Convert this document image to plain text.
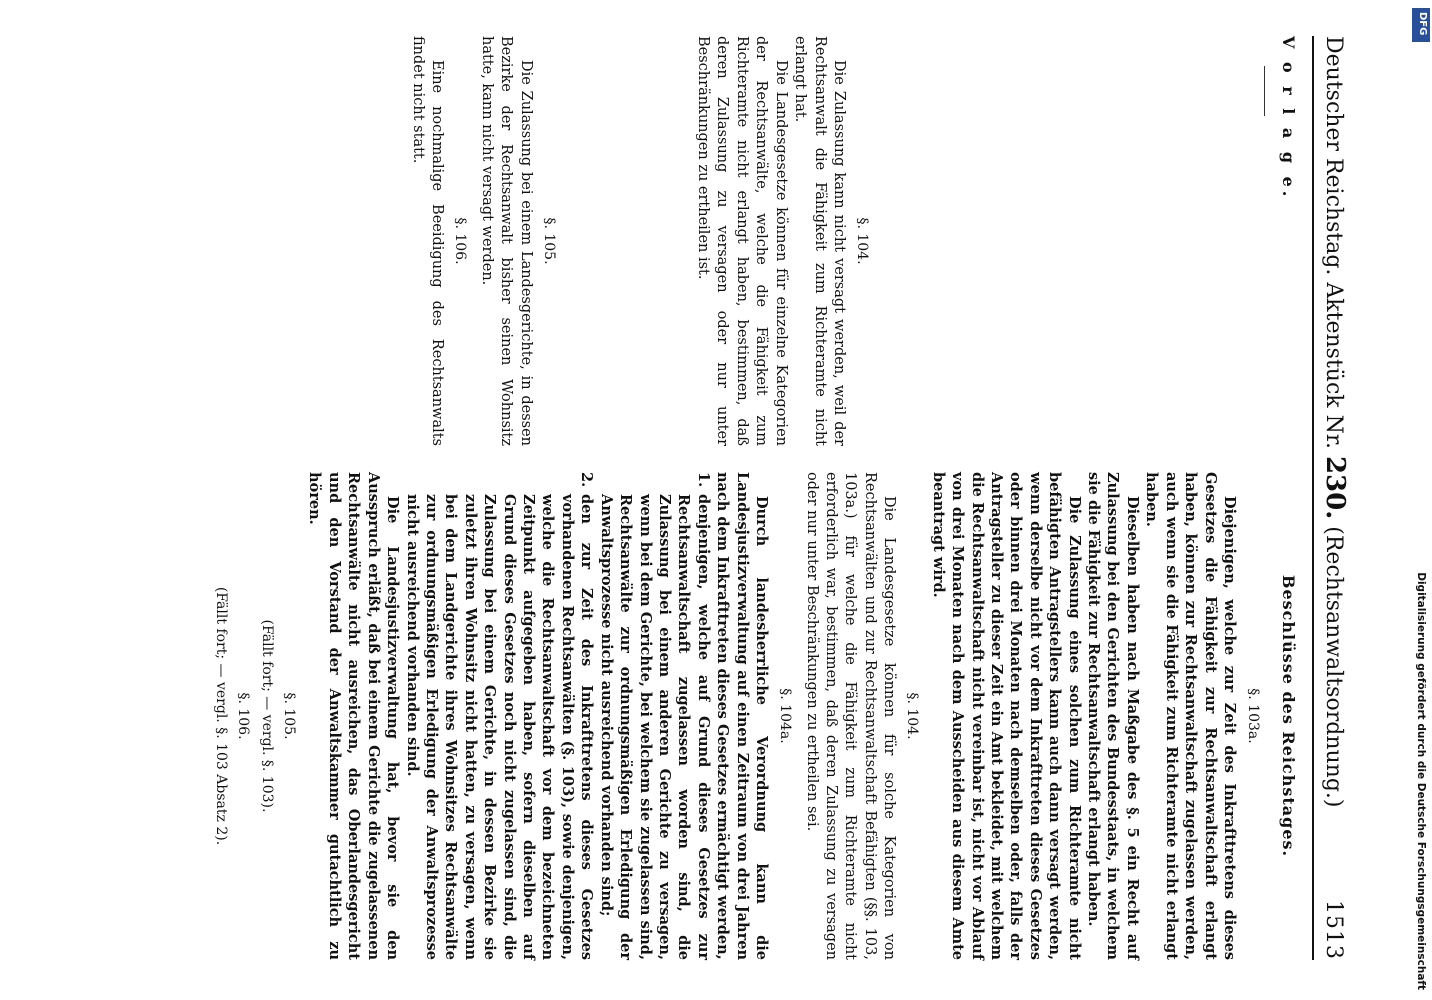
Deutscher Reichstag. Aktenstück Nr. 230. (Rechtsanwaltsordnung.)
1513
V o r l a g e.
§. 104.

Die Zulassung kann nicht versagt werden, weil der Rechtsanwalt die Fähigkeit zum Richteramte nicht erlangt hat.

Die Landesgesetze können für einzelne Kategorien der Rechtsanwälte, welche die Fähigkeit zum Richteramte nicht erlangt haben, bestimmen, daß deren Zulassung zu versagen oder nur unter Beschränkungen zu ertheilen ist.

§. 105.

Die Zulassung bei einem Landesgerichte, in dessen Bezirke der Rechtsanwalt bisher seinen Wohnsitz hatte, kann nicht versagt werden.

§. 106.

Eine nochmalige Beeidigung des Rechtsanwalts findet nicht statt.

Beschlüsse des Reichstages.
§. 103a.

Diejenigen, welche zur Zeit des Inkrafttretens dieses Gesetzes die Fähigkeit zur Rechtsanwaltschaft erlangt haben, können zur Rechtsanwaltschaft zugelassen werden, auch wenn sie die Fähigkeit zum Richteramte nicht erlangt haben.

Dieselben haben nach Maßgabe des §. 5 ein Recht auf Zulassung bei den Gerichten des Bundesstaats, in welchem sie die Fähigkeit zur Rechtsanwaltschaft erlangt haben.

Die Zulassung eines solchen zum Richteramte nicht befähigten Antragstellers kann auch dann versagt werden, wenn derselbe nicht vor dem Inkrafttreten dieses Gesetzes oder binnen drei Monaten nach demselben oder, falls der Antragsteller zu dieser Zeit ein Amt bekleidet, mit welchem die Rechtsanwaltschaft nicht vereinbar ist, nicht vor Ablauf von drei Monaten nach dem Ausscheiden aus diesem Amte beantragt wird.

§. 104.

Die Landesgesetze können für solche Kategorien von Rechtsanwälten und zur Rechtsanwaltschaft Befähigten (§§. 103, 103a.) für welche die Fähigkeit zum Richteramte nicht erforderlich war, bestimmen, daß deren Zulassung zu versagen oder nur unter Beschränkungen zu ertheilen sei.

§. 104a.

Durch landesherrliche Verordnung kann die Landesjustizverwaltung auf einen Zeitraum von drei Jahren nach dem Inkrafttreten dieses Gesetzes ermächtigt werden,

1.
denjenigen, welche auf Grund dieses Gesetzes zur Rechtsanwaltschaft zugelassen worden sind, die Zulassung bei einem anderen Gerichte zu versagen, wenn bei dem Gerichte, bei welchem sie zugelassen sind, Rechtsanwälte zur ordnungsmäßigen Erledigung der Anwaltsprozesse nicht ausreichend vorhanden sind;
2.
den zur Zeit des Inkrafttretens dieses Gesetzes vorhandenen Rechtsanwälten (§. 103), sowie denjenigen, welche die Rechtsanwaltschaft vor dem bezeichneten Zeitpunkt aufgegeben haben, sofern dieselben auf Grund dieses Gesetzes noch nicht zugelassen sind, die Zulassung bei einem Gerichte, in dessen Bezirke sie zuletzt ihren Wohnsitz nicht hatten, zu versagen, wenn bei dem Landgerichte ihres Wohnsitzes Rechtsanwälte zur ordnungsmäßigen Erledigung der Anwaltsprozesse nicht ausreichend vorhanden sind.

Die Landesjustizverwaltung hat, bevor sie den Ausspruch erläßt, daß bei einem Gerichte die zugelassenen Rechtsanwälte nicht ausreichen, das Oberlandesgericht und den Vorstand der Anwaltskammer gutachtlich zu hören.

§. 105.
(Fällt fort; — vergl. §. 103).
§. 106.
(Fällt fort; — vergl. §. 103 Absatz 2).
DFG
Digitalisierung gefördert durch die Deutsche Forschungsgemeinschaft
